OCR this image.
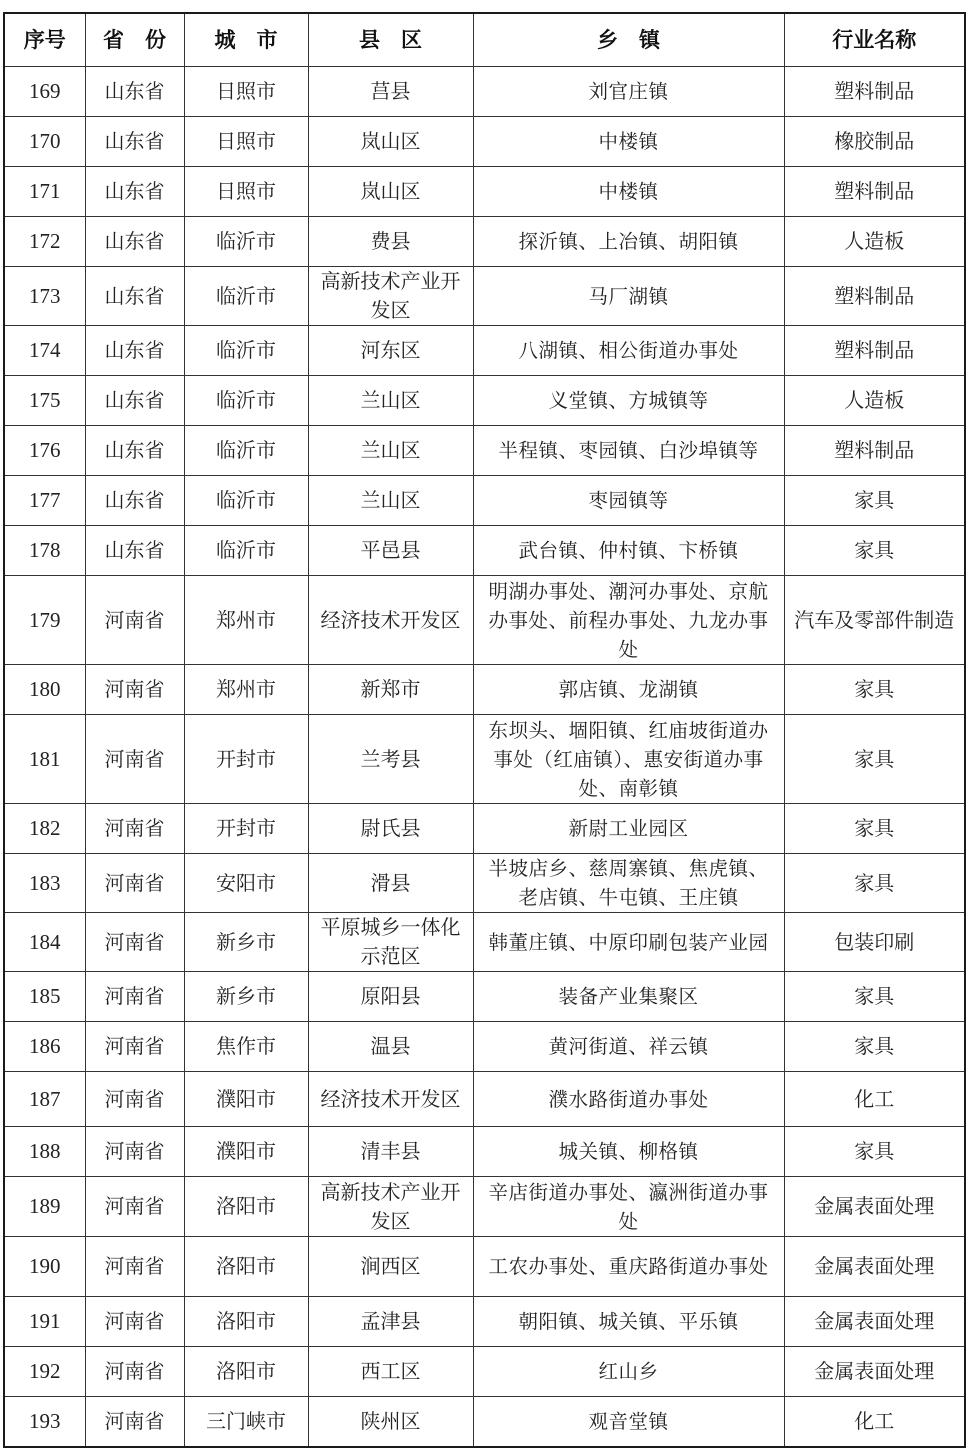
序号	省　份	城　市	县　区	乡　镇	行业名称
169	山东省	日照市	莒县	刘官庄镇	塑料制品
170	山东省	日照市	岚山区	中楼镇	橡胶制品
171	山东省	日照市	岚山区	中楼镇	塑料制品
172	山东省	临沂市	费县	探沂镇、上冶镇、胡阳镇	人造板
173	山东省	临沂市	高新技术产业开发区	马厂湖镇	塑料制品
174	山东省	临沂市	河东区	八湖镇、相公街道办事处	塑料制品
175	山东省	临沂市	兰山区	义堂镇、方城镇等	人造板
176	山东省	临沂市	兰山区	半程镇、枣园镇、白沙埠镇等	塑料制品
177	山东省	临沂市	兰山区	枣园镇等	家具
178	山东省	临沂市	平邑县	武台镇、仲村镇、卞桥镇	家具
179	河南省	郑州市	经济技术开发区	明湖办事处、潮河办事处、京航办事处、前程办事处、九龙办事处	汽车及零部件制造
180	河南省	郑州市	新郑市	郭店镇、龙湖镇	家具
181	河南省	开封市	兰考县	东坝头、堌阳镇、红庙坡街道办事处（红庙镇）、惠安街道办事处、南彰镇	家具
182	河南省	开封市	尉氏县	新尉工业园区	家具
183	河南省	安阳市	滑县	半坡店乡、慈周寨镇、焦虎镇、老店镇、牛屯镇、王庄镇	家具
184	河南省	新乡市	平原城乡一体化示范区	韩董庄镇、中原印刷包装产业园	包装印刷
185	河南省	新乡市	原阳县	装备产业集聚区	家具
186	河南省	焦作市	温县	黄河街道、祥云镇	家具
187	河南省	濮阳市	经济技术开发区	濮水路街道办事处	化工
188	河南省	濮阳市	清丰县	城关镇、柳格镇	家具
189	河南省	洛阳市	高新技术产业开发区	辛店街道办事处、瀛洲街道办事处	金属表面处理
190	河南省	洛阳市	涧西区	工农办事处、重庆路街道办事处	金属表面处理
191	河南省	洛阳市	孟津县	朝阳镇、城关镇、平乐镇	金属表面处理
192	河南省	洛阳市	西工区	红山乡	金属表面处理
193	河南省	三门峡市	陕州区	观音堂镇	化工
